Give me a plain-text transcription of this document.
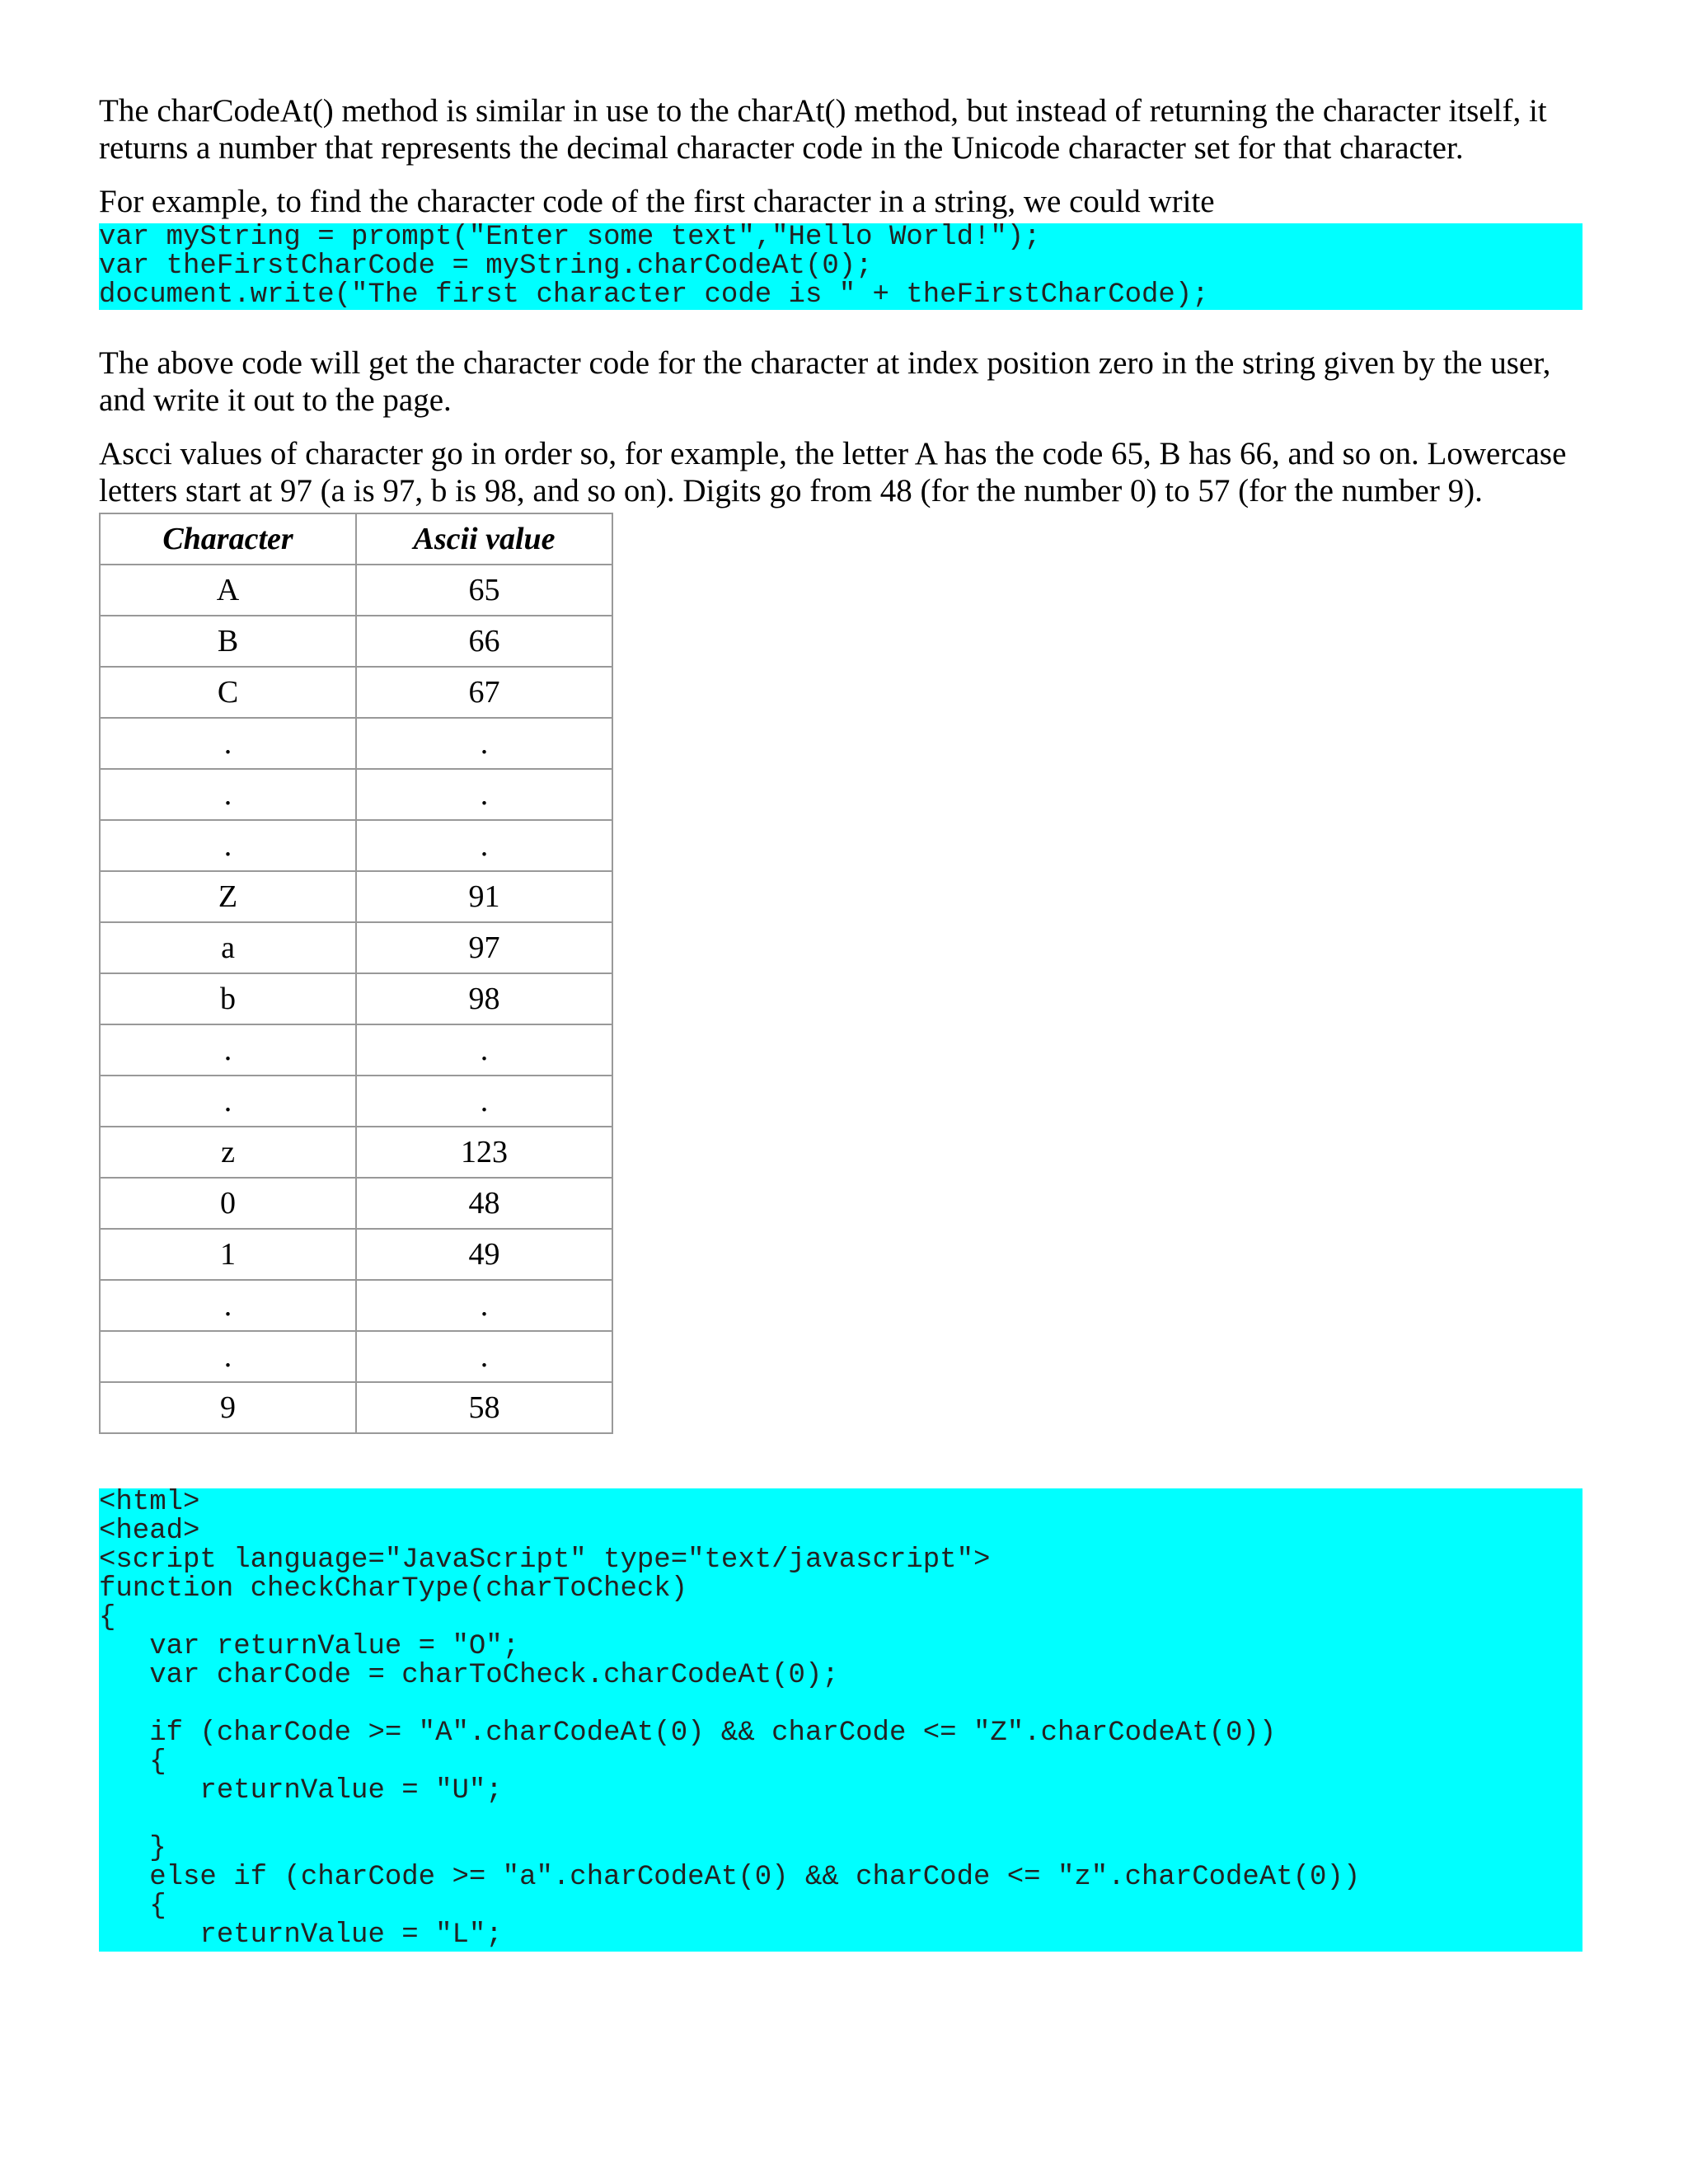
The charCodeAt() method is similar in use to the charAt() method, but instead of returning the character itself, it returns a number that represents the decimal character code in the Unicode character set for that character.

For example, to find the character code of the first character in a string, we could write

var myString = prompt("Enter some text","Hello World!");
var theFirstCharCode = myString.charCodeAt(0);
document.write("The first character code is " + theFirstCharCode);

The above code will get the character code for the character at index position zero in the string given by the user, and write it out to the page.

Ascci values of character go in order so, for example, the letter A has the code 65, B has 66, and so on. Lowercase letters start at 97 (a is 97, b is 98, and so on). Digits go from 48 (for the number 0) to 57 (for the number 9).

Character	Ascii value
A	65
B	66
C	67
.	.
.	.
.	.
Z	91
a	97
b	98
.	.
.	.
z	123
0	48
1	49
.	.
.	.
9	58
<html>
<head>
<script language="JavaScript" type="text/javascript">
function checkCharType(charToCheck)
{
var returnValue = "O";
var charCode = charToCheck.charCodeAt(0);
if (charCode >= "A".charCodeAt(0) && charCode <= "Z".charCodeAt(0))
{
returnValue = "U";
}
else if (charCode >= "a".charCodeAt(0) && charCode <= "z".charCodeAt(0))
{
returnValue = "L";
